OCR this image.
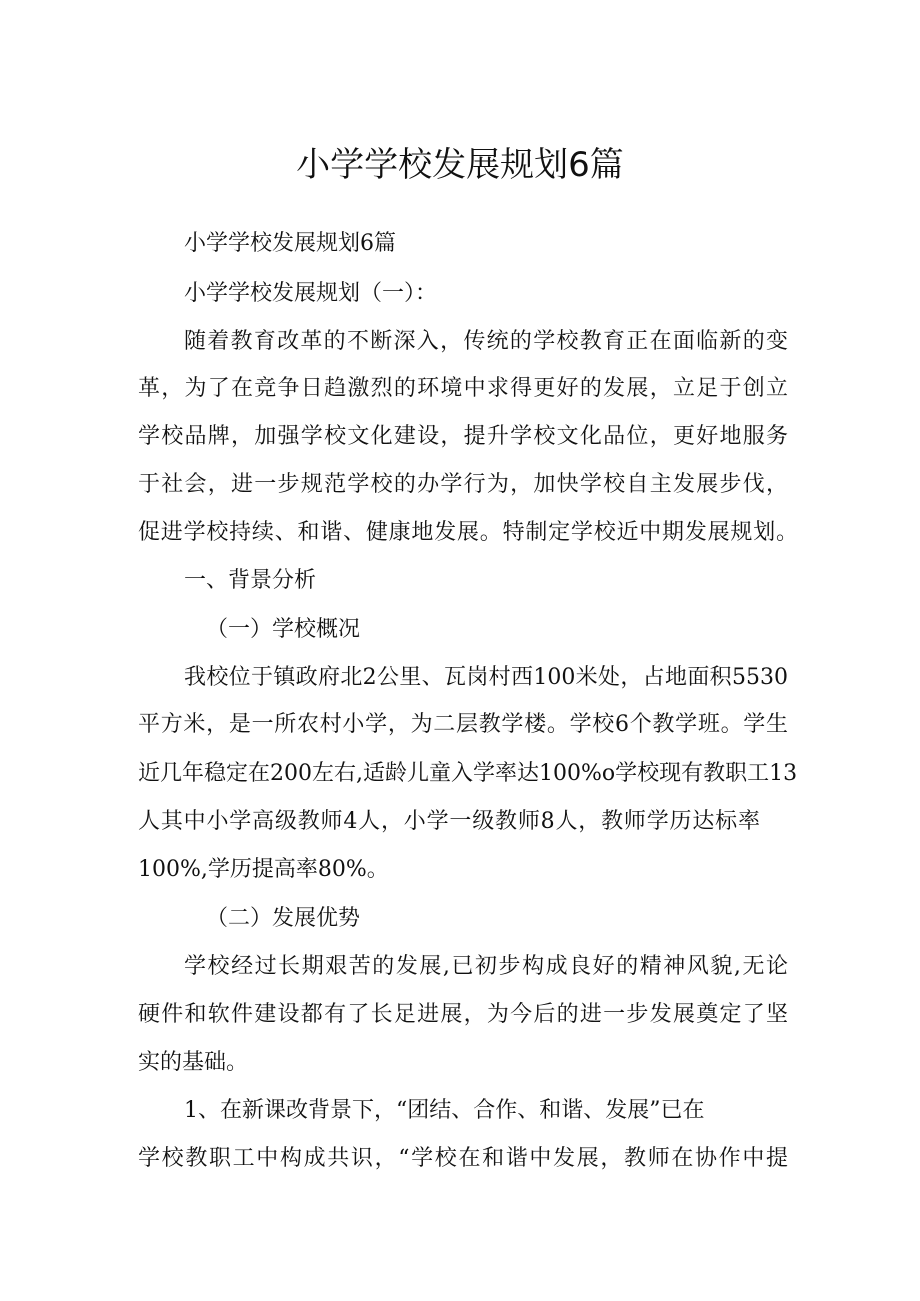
小学学校发展规划6篇
小学学校发展规划6篇
小学学校发展规划（一）：
随着教育改革的不断深入，传统的学校教育正在面临新的变
革，为了在竞争日趋激烈的环境中求得更好的发展，立足于创立
学校品牌，加强学校文化建设，提升学校文化品位，更好地服务
于社会，进一步规范学校的办学行为，加快学校自主发展步伐，
促进学校持续、和谐、健康地发展。特制定学校近中期发展规划。
一、背景分析
（一）学校概况
我校位于镇政府北2公里、瓦岗村西100米处，占地面积5530
平方米，是一所农村小学，为二层教学楼。学校6个教学班。学生
近几年稳定在200左右,适龄儿童入学率达100%o学校现有教职工13
人其中小学高级教师4人，小学一级教师8人，教师学历达标率
100%,学历提高率80%。
（二）发展优势
学校经过长期艰苦的发展,已初步构成良好的精神风貌,无论
硬件和软件建设都有了长足进展，为今后的进一步发展奠定了坚
实的基础。
1、在新课改背景下，“团结、合作、和谐、发展”已在
学校教职工中构成共识，“学校在和谐中发展，教师在协作中提
